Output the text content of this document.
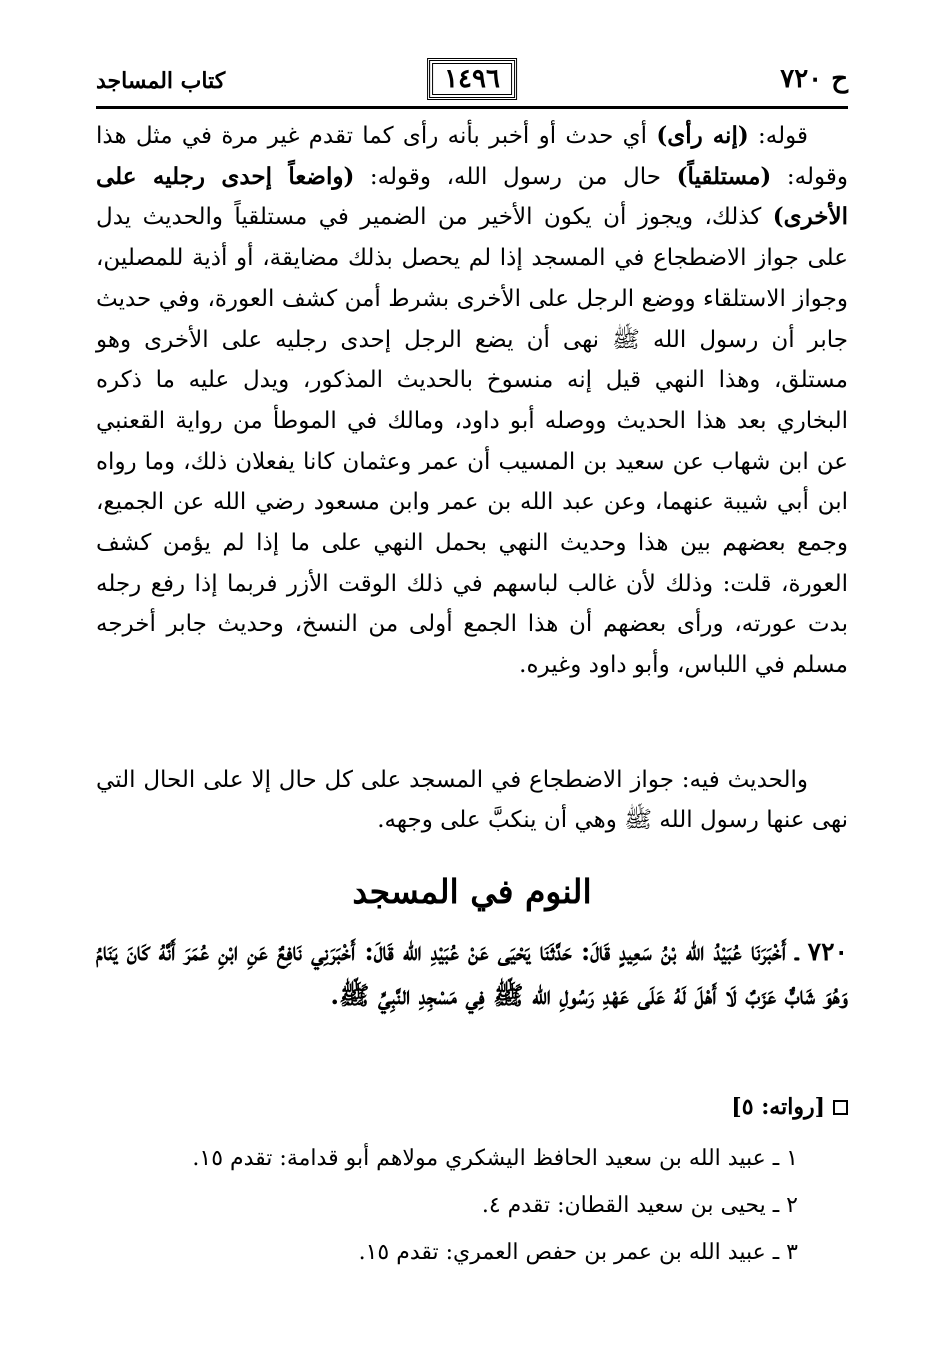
ح ٧٢٠
١٤٩٦
كتاب المساجد
قوله: (إنه رأى) أي حدث أو أخبر بأنه رأى كما تقدم غير مرة في مثل هذا وقوله: (مستلقياً) حال من رسول الله، وقوله: (واضعاً إحدى رجليه على الأخرى) كذلك، ويجوز أن يكون الأخير من الضمير في مستلقياً والحديث يدل على جواز الاضطجاع في المسجد إذا لم يحصل بذلك مضايقة، أو أذية للمصلين، وجواز الاستلقاء ووضع الرجل على الأخرى بشرط أمن كشف العورة، وفي حديث جابر أن رسول الله ﷺ نهى أن يضع الرجل إحدى رجليه على الأخرى وهو مستلق، وهذا النهي قيل إنه منسوخ بالحديث المذكور، ويدل عليه ما ذكره البخاري بعد هذا الحديث ووصله أبو داود، ومالك في الموطأ من رواية القعنبي عن ابن شهاب عن سعيد بن المسيب أن عمر وعثمان كانا يفعلان ذلك، وما رواه ابن أبي شيبة عنهما، وعن عبد الله بن عمر وابن مسعود رضي الله عن الجميع، وجمع بعضهم بين هذا وحديث النهي بحمل النهي على ما إذا لم يؤمن كشف العورة، قلت: وذلك لأن غالب لباسهم في ذلك الوقت الأزر فربما إذا رفع رجله بدت عورته، ورأى بعضهم أن هذا الجمع أولى من النسخ، وحديث جابر أخرجه مسلم في اللباس، وأبو داود وغيره.
والحديث فيه: جواز الاضطجاع في المسجد على كل حال إلا على الحال التي نهى عنها رسول الله ﷺ وهي أن ينكبَّ على وجهه.
النوم في المسجد
٧٢٠ ـ أَخْبَرَنَا عُبَيْدُ الله بْنُ سَعِيدٍ قَالَ: حَدَّثَنَا يَحْيَى عَنْ عُبَيْدِ الله قَالَ: أَخْبَرَنِي نَافِعٌ عَنِ ابْنِ عُمَرَ أَنَّهُ كَانَ يَنَامُ وَهُوَ شَابٌّ عَزَبٌ لَا أَهْلَ لَهُ عَلَى عَهْدِ رَسُولِ الله ﷺ فِي مَسْجِدِ النَّبِيِّ ﷺ.
[رواته: ٥]
١ ـ عبيد الله بن سعيد الحافظ اليشكري مولاهم أبو قدامة: تقدم ١٥.
٢ ـ يحيى بن سعيد القطان: تقدم ٤.
٣ ـ عبيد الله بن عمر بن حفص العمري: تقدم ١٥.
